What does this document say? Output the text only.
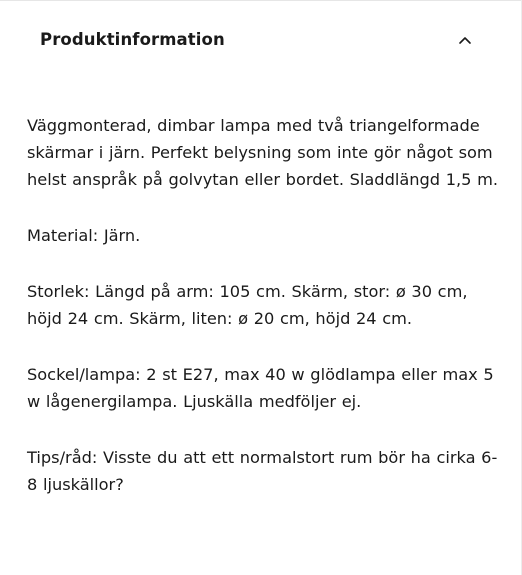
Produktinformation

Väggmonterad, dimbar lampa med två triangelformade skärmar i järn. Perfekt belysning som inte gör något som helst anspråk på golvytan eller bordet. Sladdlängd 1,5 m.

Material: Järn.

Storlek: Längd på arm: 105 cm. Skärm, stor: ø 30 cm, höjd 24 cm. Skärm, liten: ø 20 cm, höjd 24 cm.

Sockel/lampa: 2 st E27, max 40 w glödlampa eller max 5 w lågenergilampa. Ljuskälla medföljer ej.

Tips/råd: Visste du att ett normalstort rum bör ha cirka 6-8 ljuskällor?
